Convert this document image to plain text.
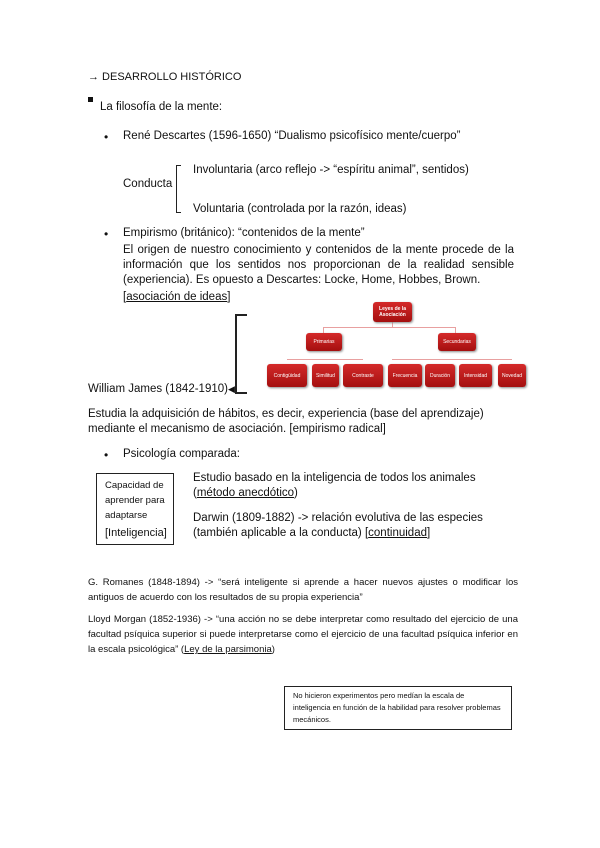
→ DESARROLLO HISTÓRICO
La filosofía de la mente:
• René Descartes (1596-1650) “Dualismo psicofísico mente/cuerpo”
Conducta
Involuntaria (arco reflejo -> “espíritu animal”, sentidos)
Voluntaria (controlada por la razón, ideas)
• Empirismo (británico): “contenidos de la mente”
El origen de nuestro conocimiento y contenidos de la mente procede de la información que los sentidos nos proporcionan de la realidad sensible (experiencia). Es opuesto a Descartes: Locke, Home, Hobbes, Brown.
[asociación de ideas]
◀
William James (1842-1910)
Leyes de la Asociación
Primarias	Secundarias
Contigüidad	Similitud	Contraste	Frecuencia	Duración	Intensidad	Novedad
Estudia la adquisición de hábitos, es decir, experiencia (base del aprendizaje) mediante el mecanismo de asociación. [empirismo radical]
• Psicología comparada:
Capacidad de aprender para adaptarse
[Inteligencia]
Estudio basado en la inteligencia de todos los animales (método anecdótico)
Darwin (1809-1882) -> relación evolutiva de las especies (también aplicable a la conducta) [continuidad]
G. Romanes (1848-1894) -> “será inteligente si aprende a hacer nuevos ajustes o modificar los antiguos de acuerdo con los resultados de su propia experiencia”
Lloyd Morgan (1852-1936) -> “una acción no se debe interpretar como resultado del ejercicio de una facultad psíquica superior si puede interpretarse como el ejercicio de una facultad psíquica inferior en la escala psicológica” (Ley de la parsimonia)
No hicieron experimentos pero medían la escala de inteligencia en función de la habilidad para resolver problemas mecánicos.
